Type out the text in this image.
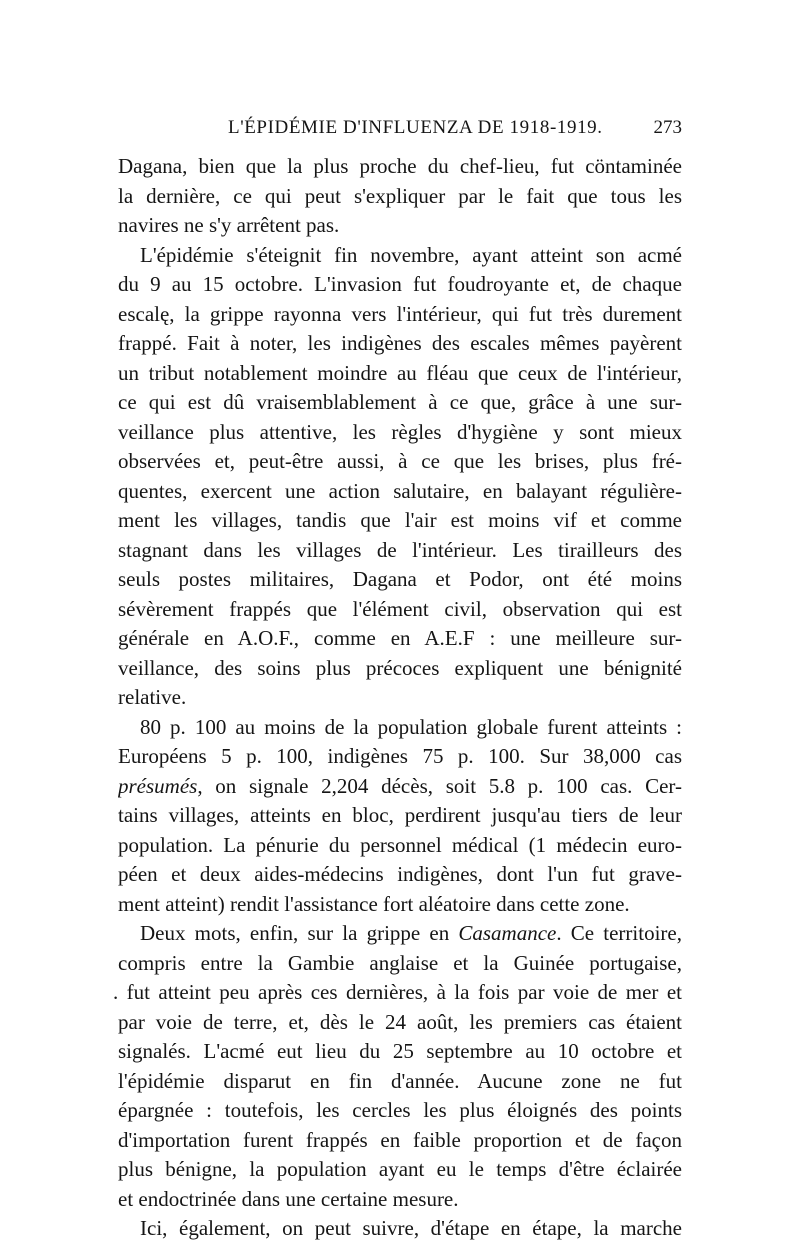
L'ÉPIDÉMIE D'INFLUENZA DE 1918-1919.	273
Dagana, bien que la plus proche du chef-lieu, fut cöntaminée
la dernière, ce qui peut s'expliquer par le fait que tous les
navires ne s'y arrêtent pas.
L'épidémie s'éteignit fin novembre, ayant atteint son acmé
du 9 au 15 octobre. L'invasion fut foudroyante et, de chaque
escalę, la grippe rayonna vers l'intérieur, qui fut très durement
frappé. Fait à noter, les indigènes des escales mêmes payèrent
un tribut notablement moindre au fléau que ceux de l'intérieur,
ce qui est dû vraisemblablement à ce que, grâce à une sur-
veillance plus attentive, les règles d'hygiène y sont mieux
observées et, peut-être aussi, à ce que les brises, plus fré-
quentes, exercent une action salutaire, en balayant régulière-
ment les villages, tandis que l'air est moins vif et comme
stagnant dans les villages de l'intérieur. Les tirailleurs des
seuls postes militaires, Dagana et Podor, ont été moins
sévèrement frappés que l'élément civil, observation qui est
générale en A.O.F., comme en A.E.F : une meilleure sur-
veillance, des soins plus précoces expliquent une bénignité
relative.
80 p. 100 au moins de la population globale furent atteints :
Européens 5 p. 100, indigènes 75 p. 100. Sur 38,000 cas
présumés, on signale 2,204 décès, soit 5.8 p. 100 cas. Cer-
tains villages, atteints en bloc, perdirent jusqu'au tiers de leur
population. La pénurie du personnel médical (1 médecin euro-
péen et deux aides-médecins indigènes, dont l'un fut grave-
ment atteint) rendit l'assistance fort aléatoire dans cette zone.
Deux mots, enfin, sur la grippe en Casamance. Ce territoire,
compris entre la Gambie anglaise et la Guinée portugaise,
. fut atteint peu après ces dernières, à la fois par voie de mer et
par voie de terre, et, dès le 24 août, les premiers cas étaient
signalés. L'acmé eut lieu du 25 septembre au 10 octobre et
l'épidémie disparut en fin d'année. Aucune zone ne fut
épargnée : toutefois, les cercles les plus éloignés des points
d'importation furent frappés en faible proportion et de façon
plus bénigne, la population ayant eu le temps d'être éclairée
et endoctrinée dans une certaine mesure.
Ici, également, on peut suivre, d'étape en étape, la marche
